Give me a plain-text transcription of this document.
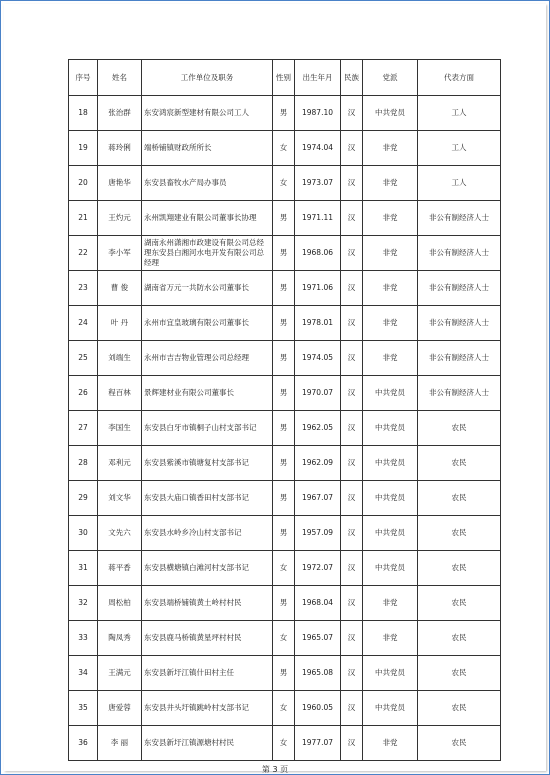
序号	姓名	工作单位及职务	性别	出生年月	民族	党派	代表方面
18	张治群	东安鸿宸新型建材有限公司工人	男	1987.10	汉	中共党员	工人
19	蒋玲俐	端桥铺镇财政所所长	女	1974.04	汉	非党	工人
20	唐艳华	东安县畜牧水产局办事员	女	1973.07	汉	非党	工人
21	王灼元	永州凯翔建业有限公司董事长协理	男	1971.11	汉	非党	非公有制经济人士
22	李小军	湖南永州潇湘市政建设有限公司总经理东安县白湘河水电开发有限公司总经理	男	1968.06	汉	非党	非公有制经济人士
23	曹 俊	湖南省万元一共防水公司董事长	男	1971.06	汉	非党	非公有制经济人士
24	叶 丹	永州市宜皇玻璃有限公司董事长	男	1978.01	汉	非党	非公有制经济人士
25	刘端生	永州市吉吉物业管理公司总经理	男	1974.05	汉	非党	非公有制经济人士
26	程百林	景辉建材业有限公司董事长	男	1970.07	汉	中共党员	非公有制经济人士
27	李国生	东安县白牙市镇桐子山村支部书记	男	1962.05	汉	中共党员	农民
28	邓利元	东安县紫溪市镇塘复村支部书记	男	1962.09	汉	中共党员	农民
29	刘文华	东安县大庙口镇香田村支部书记	男	1967.07	汉	中共党员	农民
30	文先六	东安县水岭乡冷山村支部书记	男	1957.09	汉	中共党员	农民
31	蒋平香	东安县横塘镇白滩河村支部书记	女	1972.07	汉	中共党员	农民
32	周松柏	东安县端桥铺镇黄土岭村村民	男	1968.04	汉	非党	农民
33	陶凤秀	东安县鹿马桥镇黄星坪村村民	女	1965.07	汉	非党	农民
34	王满元	东安县新圩江镇什田村主任	男	1965.08	汉	中共党员	农民
35	唐爱蓉	东安县井头圩镇跳岭村支部书记	女	1960.05	汉	中共党员	农民
36	李 丽	东安县新圩江镇源塘村村民	女	1977.07	汉	非党	农民
第 3 页
